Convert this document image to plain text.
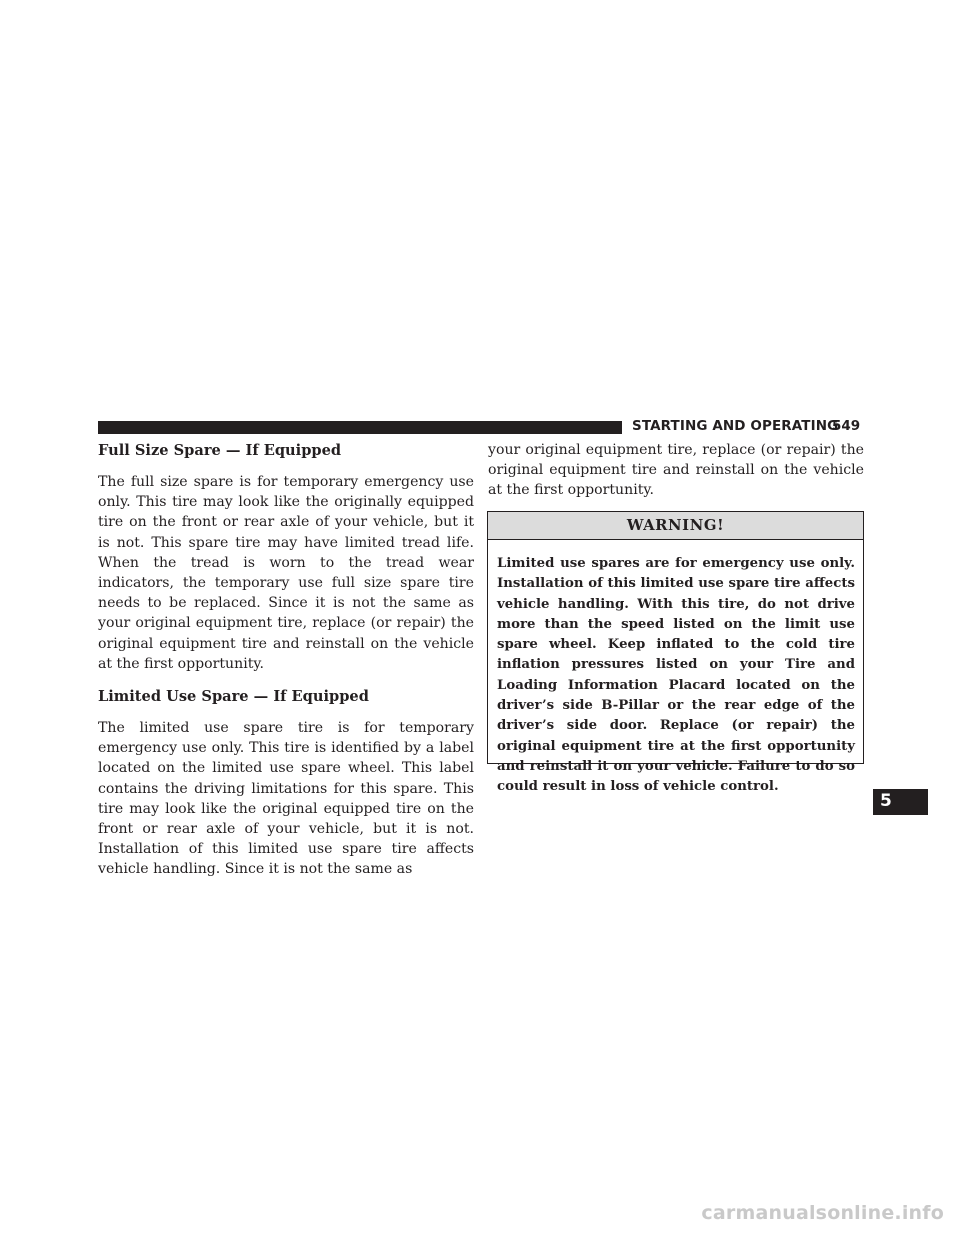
STARTING AND OPERATING
549
Full Size Spare — If Equipped

The full size spare is for temporary emergency use only. This tire may look like the originally equipped tire on the front or rear axle of your vehicle, but it is not. This spare tire may have limited tread life. When the tread is worn to the tread wear indicators, the temporary use full size spare tire needs to be replaced. Since it is not the same as your original equipment tire, replace (or repair) the original equipment tire and reinstall on the vehicle at the first opportunity.

Limited Use Spare — If Equipped

The limited use spare tire is for temporary emergency use only. This tire is identified by a label located on the limited use spare wheel. This label contains the driving limitations for this spare. This tire may look like the original equipped tire on the front or rear axle of your vehicle, but it is not. Installation of this limited use spare tire affects vehicle handling. Since it is not the same as

your original equipment tire, replace (or repair) the original equipment tire and reinstall on the vehicle at the first opportunity.

WARNING!
Limited use spares are for emergency use only. Installation of this limited use spare tire affects vehicle handling. With this tire, do not drive more than the speed listed on the limit use spare wheel. Keep inflated to the cold tire inflation pressures listed on your Tire and Loading Information Placard located on the driver’s side B-Pillar or the rear edge of the driver’s side door. Replace (or repair) the original equipment tire at the first opportunity and reinstall it on your vehicle. Failure to do so could result in loss of vehicle control.
5
carmanualsonline.info
